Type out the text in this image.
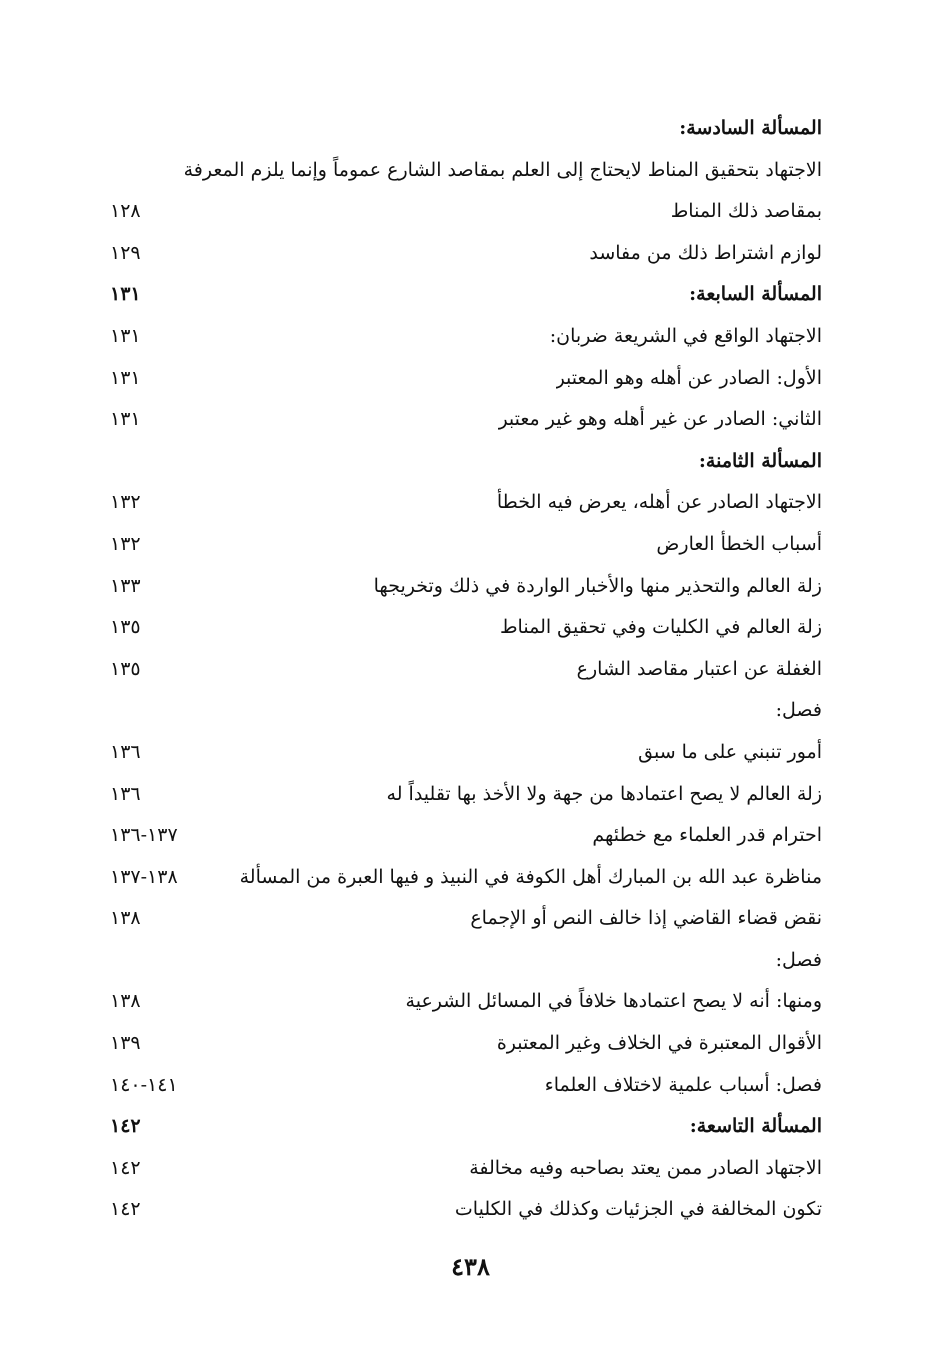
المسألة السادسة:
الاجتهاد بتحقيق المناط لايحتاج إلى العلم بمقاصد الشارع عموماً وإنما يلزم المعرفة
بمقاصد ذلك المناط
١٢٨
لوازم اشتراط ذلك من مفاسد
١٢٩
المسألة السابعة:
١٣١
الاجتهاد الواقع في الشريعة ضربان:
١٣١
الأول: الصادر عن أهله وهو المعتبر
١٣١
الثاني: الصادر عن غير أهله وهو غير معتبر
١٣١
المسألة الثامنة:
الاجتهاد الصادر عن أهله، يعرض فيه الخطأ
١٣٢
أسباب الخطأ العارض
١٣٢
زلة العالم والتحذير منها والأخبار الواردة في ذلك وتخريجها
١٣٣
زلة العالم في الكليات وفي تحقيق المناط
١٣٥
الغفلة عن اعتبار مقاصد الشارع
١٣٥
فصل:
أمور تنبني على ما سبق
١٣٦
زلة العالم لا يصح اعتمادها من جهة ولا الأخذ بها تقليداً له
١٣٦
احترام قدر العلماء مع خطئهم
١٣٧-١٣٦
مناظرة عبد الله بن المبارك أهل الكوفة في النبيذ و فيها العبرة من المسألة
١٣٨-١٣٧
نقض قضاء القاضي إذا خالف النص أو الإجماع
١٣٨
فصل:
ومنها: أنه لا يصح اعتمادها خلافاً في المسائل الشرعية
١٣٨
الأقوال المعتبرة في الخلاف وغير المعتبرة
١٣٩
فصل: أسباب علمية لاختلاف العلماء
١٤١-١٤٠
المسألة التاسعة:
١٤٢
الاجتهاد الصادر ممن يعتد بصاحبه وفيه مخالفة
١٤٢
تكون المخالفة في الجزئيات وكذلك في الكليات
١٤٢
٤٣٨
